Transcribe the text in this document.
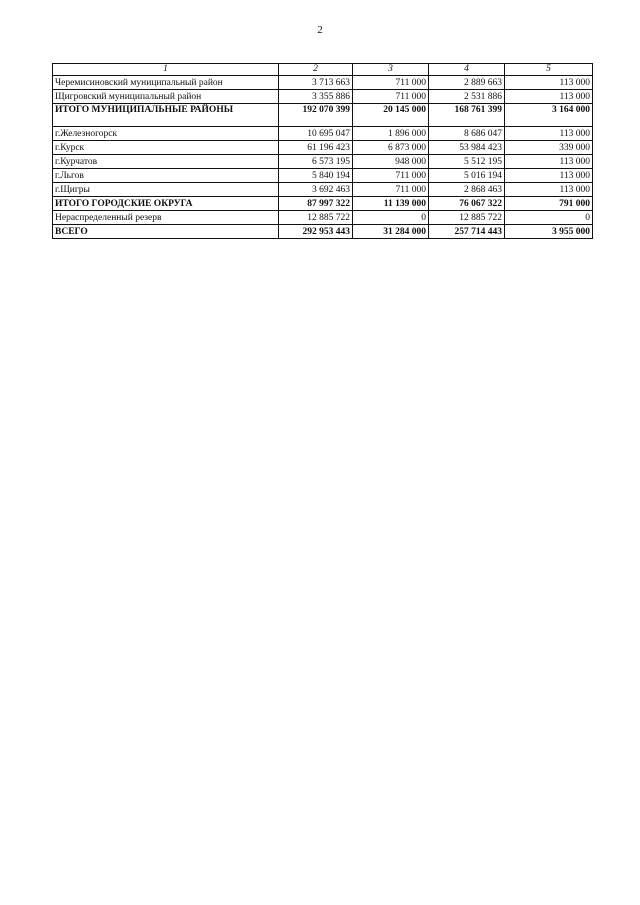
2
1	2	3	4	5
Черемисиновский муниципальный район	3 713 663	711 000	2 889 663	113 000
Щигровский муниципальный район	3 355 886	711 000	2 531 886	113 000
ИТОГО МУНИЦИПАЛЬНЫЕ РАЙОНЫ	192 070 399	20 145 000	168 761 399	3 164 000
г.Железногорск	10 695 047	1 896 000	8 686 047	113 000
г.Курск	61 196 423	6 873 000	53 984 423	339 000
г.Курчатов	6 573 195	948 000	5 512 195	113 000
г.Льгов	5 840 194	711 000	5 016 194	113 000
г.Щигры	3 692 463	711 000	2 868 463	113 000
ИТОГО ГОРОДСКИЕ ОКРУГА	87 997 322	11 139 000	76 067 322	791 000
Нераспределенный резерв	12 885 722	0	12 885 722	0
ВСЕГО	292 953 443	31 284 000	257 714 443	3 955 000
